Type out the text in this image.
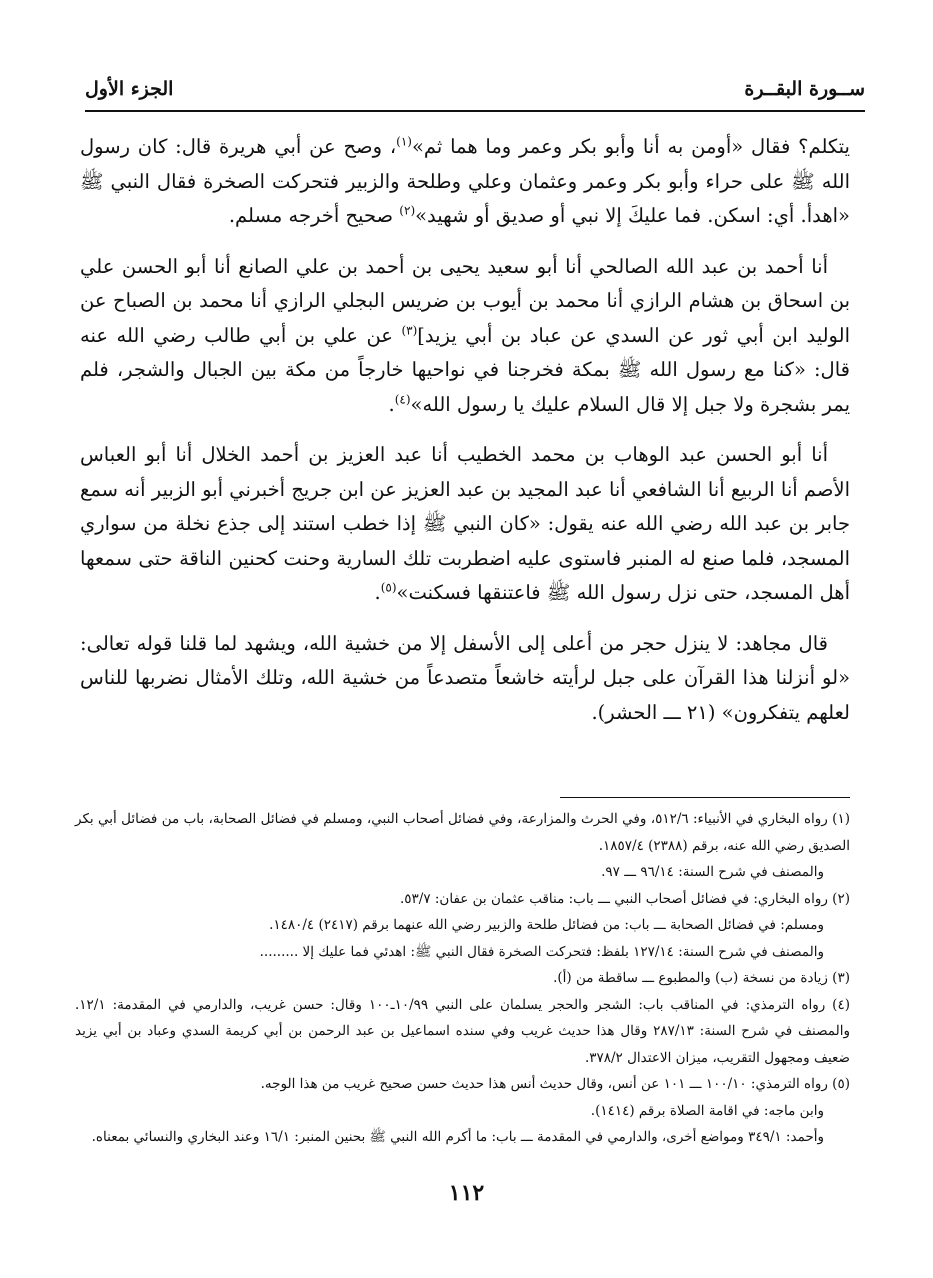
ســورة البقــرة
الجزء الأول

يتكلم؟ فقال «أومن به أنا وأبو بكر وعمر وما هما ثم»$^{(١)}$، وصح عن أبي هريرة قال: كان رسول الله ﷺ على حراء وأبو بكر وعمر وعثمان وعلي وطلحة والزبير فتحركت الصخرة فقال النبي ﷺ «اهدأ. أي: اسكن. فما عليكَ إلا نبي أو صديق أو شهيد»$^{(٢)}$ صحيح أخرجه مسلم.

أنا أحمد بن عبد الله الصالحي أنا أبو سعيد يحيى بن أحمد بن علي الصانع أنا أبو الحسن علي بن اسحاق بن هشام الرازي أنا محمد بن أيوب بن ضريس البجلي الرازي أنا محمد بن الصباح عن الوليد ابن أبي ثور عن السدي عن عباد بن أبي يزيد]$^{(٣)}$ عن علي بن أبي طالب رضي الله عنه قال: «كنا مع رسول الله ﷺ بمكة فخرجنا في نواحيها خارجاً من مكة بين الجبال والشجر، فلم يمر بشجرة ولا جبل إلا قال السلام عليك يا رسول الله»$^{(٤)}$.

أنا أبو الحسن عبد الوهاب بن محمد الخطيب أنا عبد العزيز بن أحمد الخلال أنا أبو العباس الأصم أنا الربيع أنا الشافعي أنا عبد المجيد بن عبد العزيز عن ابن جريج أخبرني أبو الزبير أنه سمع جابر بن عبد الله رضي الله عنه يقول: «كان النبي ﷺ إذا خطب استند إلى جذع نخلة من سواري المسجد، فلما صنع له المنبر فاستوى عليه اضطربت تلك السارية وحنت كحنين الناقة حتى سمعها أهل المسجد، حتى نزل رسول الله ﷺ فاعتنقها فسكنت»$^{(٥)}$.

قال مجاهد: لا ينزل حجر من أعلى إلى الأسفل إلا من خشية الله، ويشهد لما قلنا قوله تعالى: «لو أنزلنا هذا القرآن على جبل لرأيته خاشعاً متصدعاً من خشية الله، وتلك الأمثال نضربها للناس لعلهم يتفكرون» (٢١ ـــ الحشر).

(١) رواه البخاري في الأنبياء: ٥١٢/٦، وفي الحرث والمزارعة، وفي فضائل أصحاب النبي، ومسلم في فضائل الصحابة، باب من فضائل أبي بكر الصديق رضي الله عنه، برقم (٢٣٨٨) ١٨٥٧/٤.

والمصنف في شرح السنة: ٩٦/١٤ ـــ ٩٧.

(٢) رواه البخاري: في فضائل أصحاب النبي ـــ باب: مناقب عثمان بن عفان: ٥٣/٧.

ومسلم: في فضائل الصحابة ـــ باب: من فضائل طلحة والزبير رضي الله عنهما برقم (٢٤١٧) ١٤٨٠/٤.

والمصنف في شرح السنة: ١٢٧/١٤ بلفظ: فتحركت الصخرة فقال النبي ﷺ: اهدئي فما عليك إلا .........

(٣) زيادة من نسخة (ب) والمطبوع ـــ ساقطة من (أ).

(٤) رواه الترمذي: في المناقب باب: الشجر والحجر يسلمان على النبي ١٠/٩٩ـ١٠٠ وقال: حسن غريب، والدارمي في المقدمة: ١٢/١. والمصنف في شرح السنة: ٢٨٧/١٣ وقال هذا حديث غريب وفي سنده اسماعيل بن عبد الرحمن بن أبي كريمة السدي وعباد بن أبي يزيد ضعيف ومجهول التقريب، ميزان الاعتدال ٣٧٨/٢.

(٥) رواه الترمذي: ١٠٠/١٠ ـــ ١٠١ عن أنس، وقال حديث أنس هذا حديث حسن صحيح غريب من هذا الوجه.

وابن ماجه: في اقامة الصلاة برقم (١٤١٤).

وأحمد: ٣٤٩/١ ومواضع أخرى، والدارمي في المقدمة ـــ باب: ما أكرم الله النبي ﷺ بحنين المنبر: ١٦/١ وعند البخاري والنسائي بمعناه.

١١٢
